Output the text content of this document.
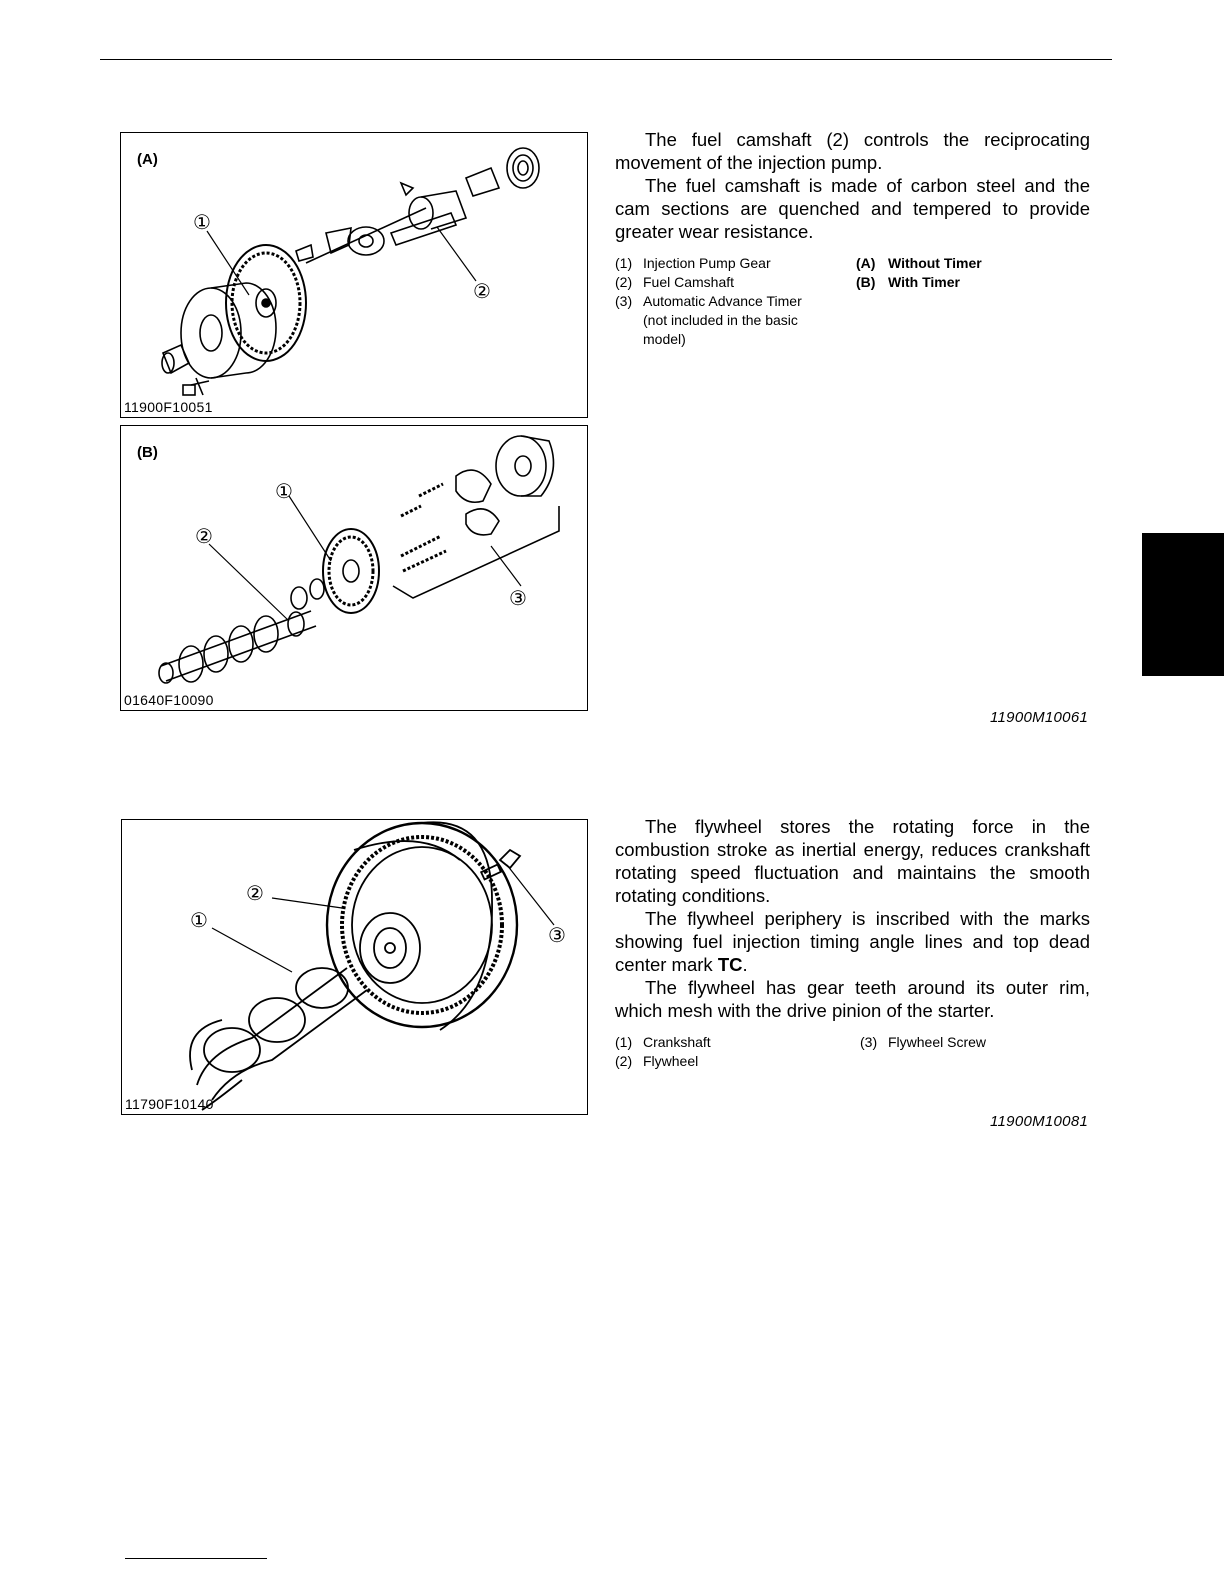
(A)
①
②
11900F10051
(B)
①
②
③
01640F10090

The fuel camshaft (2) controls the reciprocating movement of the injection pump.

The fuel camshaft is made of carbon steel and the cam sections are quenched and tempered to provide greater wear resistance.

(1) Injection Pump Gear
(2) Fuel Camshaft
(3) Automatic Advance Timer
(not included in the basic
model)
(A) Without Timer
(B) With Timer
11900M10061
①
②
③
11790F10140

The flywheel stores the rotating force in the combustion stroke as inertial energy, reduces crankshaft rotating speed fluctuation and maintains the smooth rotating conditions.

The flywheel periphery is inscribed with the marks showing fuel injection timing angle lines and top dead center mark TC.

The flywheel has gear teeth around its outer rim, which mesh with the drive pinion of the starter.

(1) Crankshaft
(2) Flywheel
(3) Flywheel Screw
11900M10081
